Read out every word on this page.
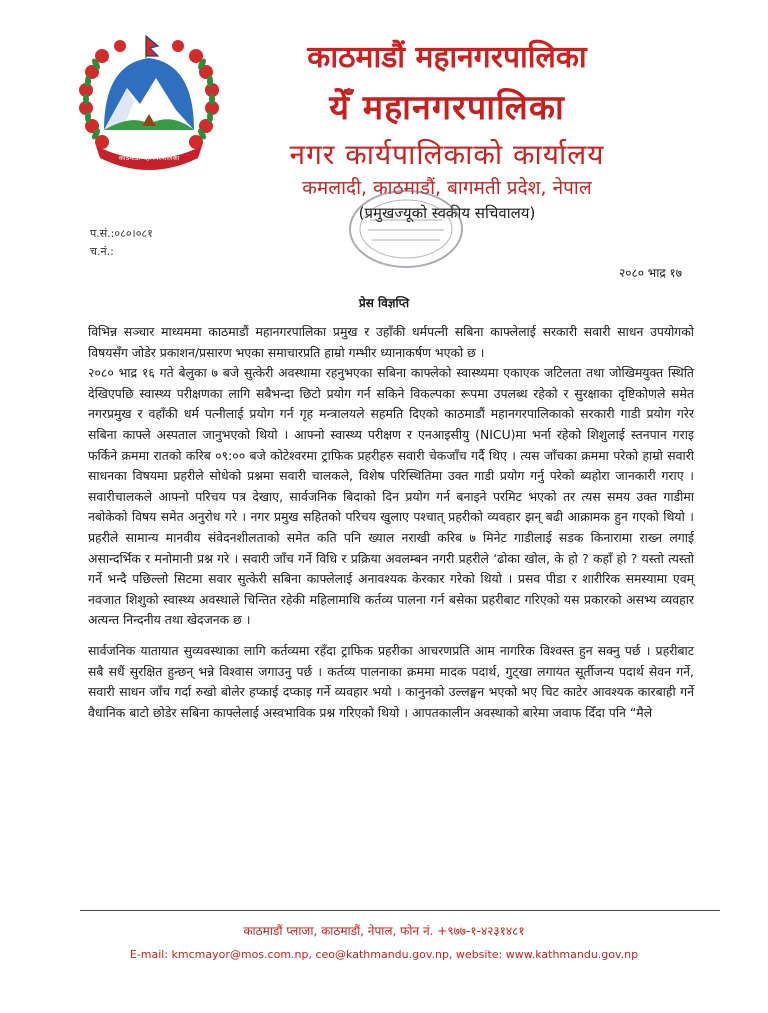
काठमाडौं महानगरपालिका
काठमाडौं महानगरपालिका
येँ महानगरपालिका
नगर कार्यपालिकाको कार्यालय
कमलादी, काठमाडौं, बागमती प्रदेश, नेपाल
(प्रमुखज्यूको स्वकीय सचिवालय)
प.सं.:०८०।०८१
च.नं.:
२०८० भाद्र १७
प्रेस विज्ञप्ति

विभिन्न सञ्चार माध्यममा काठमाडौं महानगरपालिका प्रमुख र उहाँकी धर्मपत्नी सबिना काफ्लेलाई सरकारी सवारी साधन उपयोगको विषयसँग जोडेर प्रकाशन/प्रसारण भएका समाचारप्रति हाम्रो गम्भीर ध्यानाकर्षण भएको छ ।

२०८० भाद्र १६ गते बेलुका ७ बजे सुत्केरी अवस्थामा रहनुभएका सबिना काफ्लेको स्वास्थ्यमा एकाएक जटिलता तथा जोखिमयुक्त स्थिति देखिएपछि स्वास्थ्य परीक्षणका लागि सबैभन्दा छिटो प्रयोग गर्न सकिने विकल्पका रूपमा उपलब्ध रहेको र सुरक्षाका दृष्टिकोणले समेत नगरप्रमुख र वहाँकी धर्म पत्नीलाई प्रयोग गर्न गृह मन्त्रालयले सहमति दिएको काठमाडौं महानगरपालिकाको सरकारी गाडी प्रयोग गरेर सबिना काफ्ले अस्पताल जानुभएको थियो । आफ्नो स्वास्थ्य परीक्षण र एनआइसीयु (NICU)मा भर्ना रहेको शिशुलाई स्तनपान गराइ फर्किने क्रममा रातको करिब ०९:०० बजे कोटेश्वरमा ट्राफिक प्रहरीहरु सवारी चेकजाँच गर्दै थिए । त्यस जाँचका क्रममा परेको हाम्रो सवारी साधनका विषयमा प्रहरीले सोधेको प्रश्नमा सवारी चालकले, विशेष परिस्थितिमा उक्त गाडी प्रयोग गर्नु परेको ब्यहोरा जानकारी गराए । सवारीचालकले आफ्नो परिचय पत्र देखाए, सार्वजनिक बिदाको दिन प्रयोग गर्न बनाइने परमिट भएको तर त्यस समय उक्त गाडीमा नबोकेको विषय समेत अनुरोध गरे । नगर प्रमुख सहितको परिचय खुलाए पश्चात् प्रहरीको व्यवहार झन् बढी आक्रामक हुन गएको थियो । प्रहरीले सामान्य मानवीय संवेदनशीलताको समेत कति पनि ख्याल नराखी करिब ७ मिनेट गाडीलाई सडक किनारामा राख्न लगाई असान्दर्भिक र मनोमानी प्रश्न गरे । सवारी जाँच गर्ने विधि र प्रक्रिया अवलम्बन नगरी प्रहरीले ‘ढोका खोल, के हो ? कहाँ हो ? यस्तो त्यस्तो गर्ने भन्दै पछिल्लो सिटमा सवार सुत्केरी सबिना काफ्लेलाई अनावश्यक केरकार गरेको थियो । प्रसव पीडा र शारीरिक समस्यामा एवम् नवजात शिशुको स्वास्थ्य अवस्थाले चिन्तित रहेकी महिलामाथि कर्तव्य पालना गर्न बसेका प्रहरीबाट गरिएको यस प्रकारको असभ्य व्यवहार अत्यन्त निन्दनीय तथा खेदजनक छ ।

सार्वजनिक यातायात सुव्यवस्थाका लागि कर्तव्यमा रहँदा ट्राफिक प्रहरीका आचरणप्रति आम नागरिक विश्वस्त हुन सक्नु पर्छ । प्रहरीबाट सबै सधैं सुरक्षित हुन्छन् भन्ने विश्वास जगाउनु पर्छ । कर्तव्य पालनाका क्रममा मादक पदार्थ, गुट्खा लगायत सूर्तीजन्य पदार्थ सेवन गर्ने, सवारी साधन जाँच गर्दा रुखो बोलेर हप्काई दप्काइ गर्ने व्यवहार भयो । कानुनको उल्लङ्घन भएको भए चिट काटेर आवश्यक कारबाही गर्ने वैधानिक बाटो छोडेर सबिना काफ्लेलाई अस्वभाविक प्रश्न गरिएको थियो । आपतकालीन अवस्थाको बारेमा जवाफ दिँदा पनि “मैले

काठमाडौं प्लाजा, काठमाडौं, नेपाल, फोन नं. +९७७-१-४२३१४८१
E-mail: kmcmayor@mos.com.np, ceo@kathmandu.gov.np, website: www.kathmandu.gov.np
